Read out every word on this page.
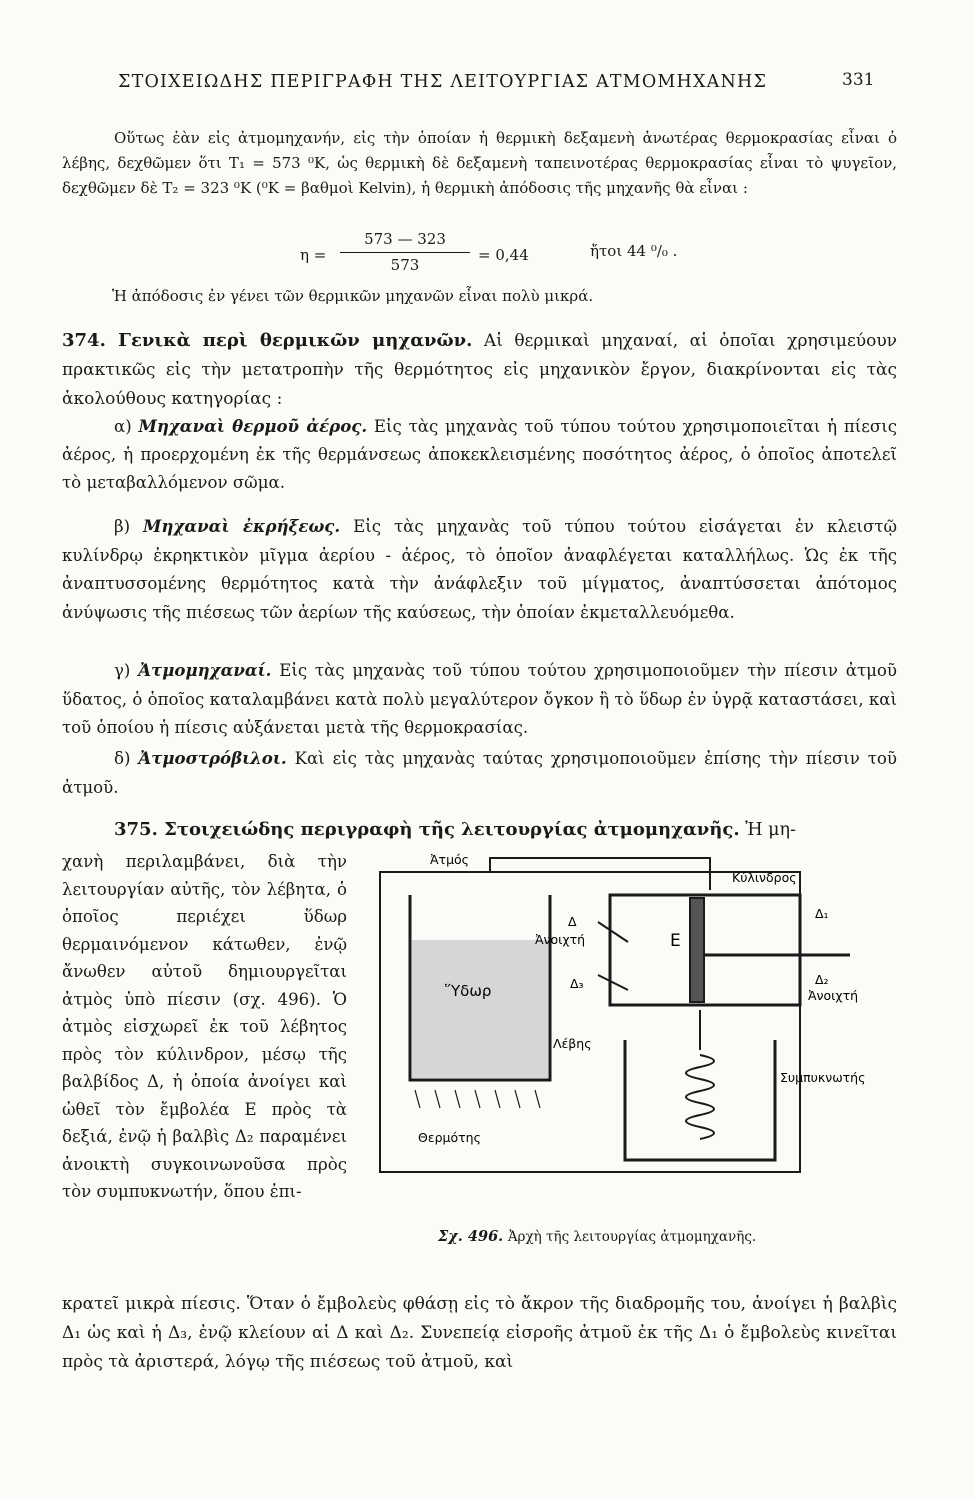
ΣΤΟΙΧΕΙΩΔΗΣ ΠΕΡΙΓΡΑΦΗ ΤΗΣ ΛΕΙΤΟΥΡΓΙΑΣ ΑΤΜΟΜΗΧΑΝΗΣ	331
Οὕτως ἐὰν εἰς ἀτμομηχανήν, εἰς τὴν ὁποίαν ἡ θερμικὴ δεξαμενὴ ἀνωτέρας θερμοκρασίας εἶναι ὁ λέβης, δεχθῶμεν ὅτι T₁ = 573 ⁰K, ὡς θερμικὴ δὲ δεξαμενὴ ταπεινοτέρας θερμοκρασίας εἶναι τὸ ψυγεῖον, δεχθῶμεν δὲ T₂ = 323 ⁰K (⁰K = βαθμοὶ Kelvin), ἡ θερμικὴ ἀπόδοσις τῆς μηχανῆς θὰ εἶναι :
η =
573 — 323
573
= 0,44	ἤτοι 44 ⁰/₀ .
Ἡ ἀπόδοσις ἐν γένει τῶν θερμικῶν μηχανῶν εἶναι πολὺ μικρά.
374. Γενικὰ περὶ θερμικῶν μηχανῶν. Αἱ θερμικαὶ μηχαναί, αἱ ὁποῖαι χρησιμεύουν πρακτικῶς εἰς τὴν μετατροπὴν τῆς θερμότητος εἰς μηχανικὸν ἔργον, διακρίνονται εἰς τὰς ἀκολούθους κατηγορίας :
α) Μηχαναὶ θερμοῦ ἀέρος. Εἰς τὰς μηχανὰς τοῦ τύπου τούτου χρησιμοποιεῖται ἡ πίεσις ἀέρος, ἡ προερχομένη ἐκ τῆς θερμάνσεως ἀποκεκλεισμένης ποσότητος ἀέρος, ὁ ὁποῖος ἀποτελεῖ τὸ μεταβαλλόμενον σῶμα.
β) Μηχαναὶ ἐκρήξεως. Εἰς τὰς μηχανὰς τοῦ τύπου τούτου εἰσάγεται ἐν κλειστῷ κυλίνδρῳ ἐκρηκτικὸν μῖγμα ἀερίου - ἀέρος, τὸ ὁποῖον ἀναφλέγεται καταλλήλως. Ὡς ἐκ τῆς ἀναπτυσσομένης θερμότητος κατὰ τὴν ἀνάφλεξιν τοῦ μίγματος, ἀναπτύσσεται ἀπότομος ἀνύψωσις τῆς πιέσεως τῶν ἀερίων τῆς καύσεως, τὴν ὁποίαν ἐκμεταλλευόμεθα.
γ) Ἀτμομηχαναί. Εἰς τὰς μηχανὰς τοῦ τύπου τούτου χρησιμοποιοῦμεν τὴν πίεσιν ἀτμοῦ ὕδατος, ὁ ὁποῖος καταλαμβάνει κατὰ πολὺ μεγαλύτερον ὄγκον ἢ τὸ ὕδωρ ἐν ὑγρᾷ καταστάσει, καὶ τοῦ ὁποίου ἡ πίεσις αὐξάνεται μετὰ τῆς θερμοκρασίας.
δ) Ἀτμοστρόβιλοι. Καὶ εἰς τὰς μηχανὰς ταύτας χρησιμοποιοῦμεν ἐπίσης τὴν πίεσιν τοῦ ἀτμοῦ.
375. Στοιχειώδης περιγραφὴ τῆς λειτουργίας ἀτμομηχανῆς. Ἡ μη-
χανὴ περιλαμβάνει, διὰ τὴν λειτουργίαν αὐτῆς, τὸν λέβητα, ὁ ὁποῖος περιέχει ὕδωρ θερμαινόμενον κάτωθεν, ἐνῷ ἄνωθεν αὐτοῦ δημιουργεῖται ἀτμὸς ὑπὸ πίεσιν (σχ. 496). Ὁ ἀτμὸς εἰσχωρεῖ ἐκ τοῦ λέβητος πρὸς τὸν κύλινδρον, μέσῳ τῆς βαλβίδος Δ, ἡ ὁποία ἀνοίγει καὶ ὠθεῖ τὸν ἔμβολέα Ε πρὸς τὰ δεξιά, ἐνῷ ἡ βαλβὶς Δ₂ παραμένει ἀνοικτὴ συγκοινωνοῦσα πρὸς τὸν συμπυκνωτήν, ὅπου ἐπι-
Ἀτμός
Κύλινδρος
Δ
Δ₁
Ἀνοιχτή	E
Ὕδωρ	Δ₃	Δ₂
Ἀνοιχτή
Λέβης
Συμπυκνωτής
Θερμότης
Σχ. 496. Ἀρχὴ τῆς λειτουργίας ἀτμομηχανῆς.
κρατεῖ μικρὰ πίεσις. Ὅταν ὁ ἔμβολεὺς φθάσῃ εἰς τὸ ἄκρον τῆς διαδρομῆς του, ἀνοίγει ἡ βαλβὶς Δ₁ ὡς καὶ ἡ Δ₃, ἐνῷ κλείουν αἱ Δ καὶ Δ₂. Συνεπείᾳ εἰσροῆς ἀτμοῦ ἐκ τῆς Δ₁ ὁ ἔμβολεὺς κινεῖται πρὸς τὰ ἀριστερά, λόγῳ τῆς πιέσεως τοῦ ἀτμοῦ, καὶ
